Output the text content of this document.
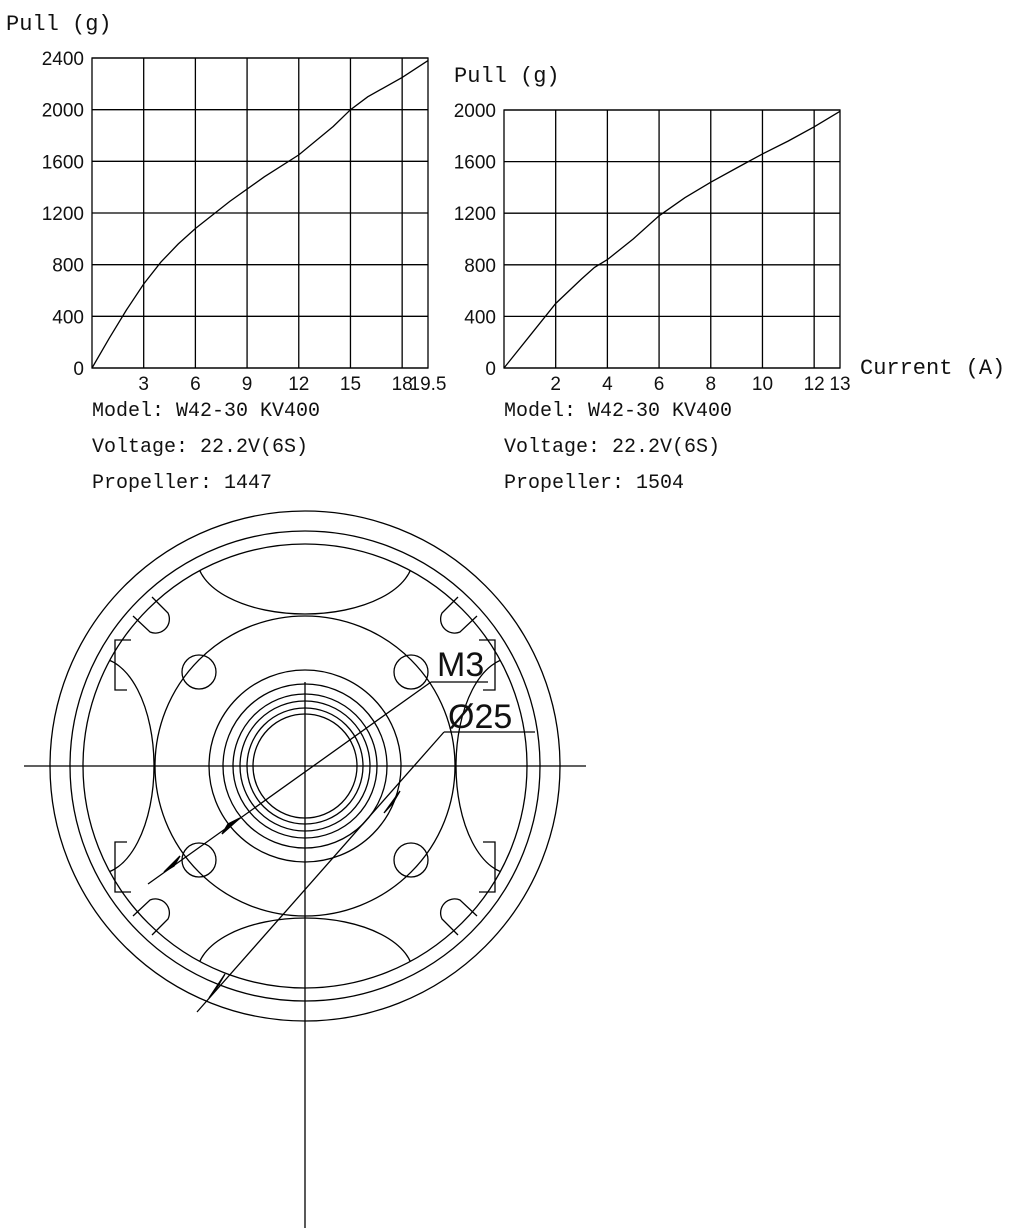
Pull (g)
0
400
800
1200
1600
2000
2400
3 6 9 12 15 18
19.5
Model: W42-30 KV400
Voltage: 22.2V(6S)
Propeller: 1447
Pull (g)
0
400
800
1200
1600
2000
2 4 6 8 10 12 13
Current (A)
Model: W42-30 KV400
Voltage: 22.2V(6S)
Propeller: 1504
M3
Ø25
